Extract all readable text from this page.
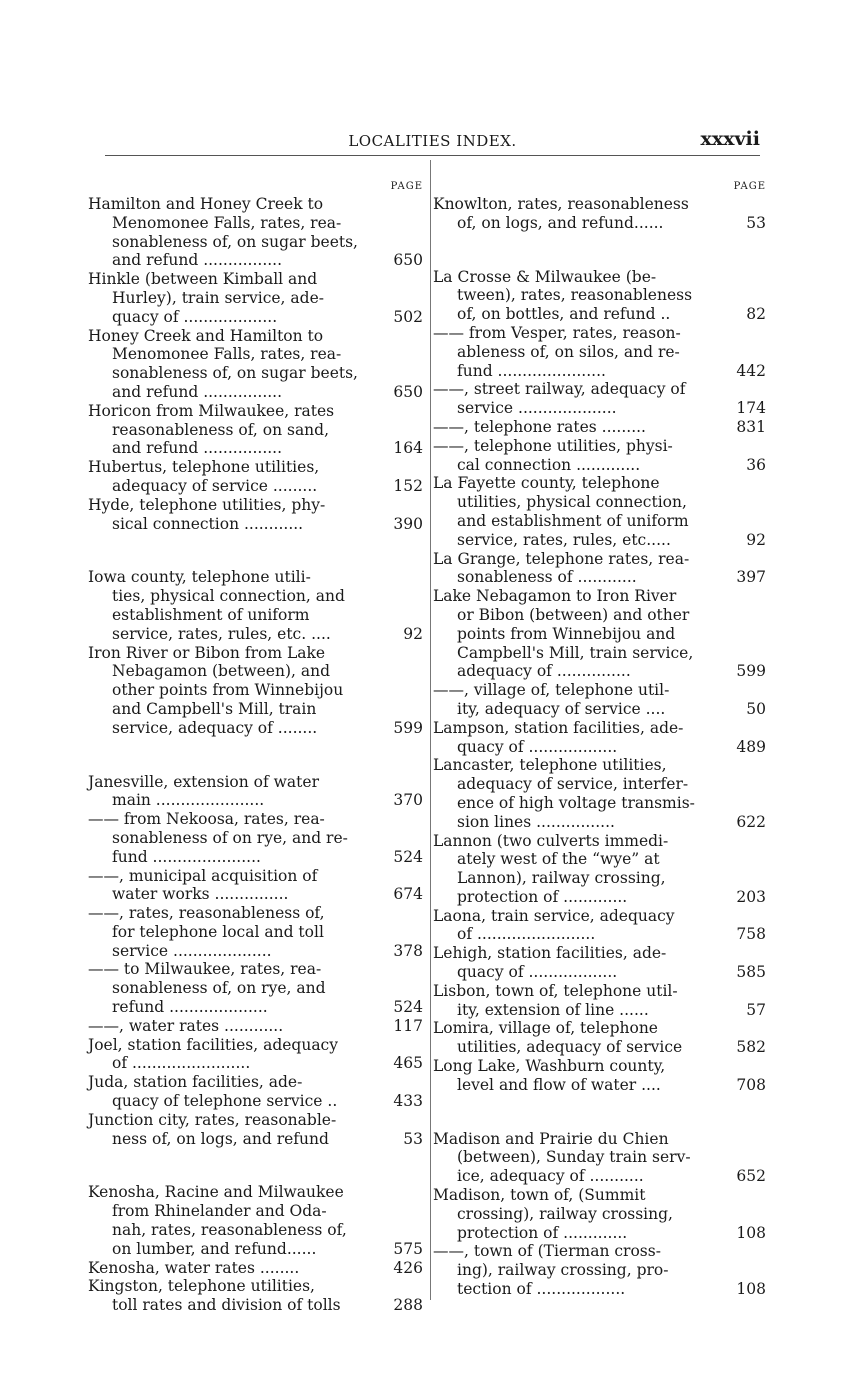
LOCALITIES INDEX.	xxxvii
PAGE
Hamilton and Honey Creek to
Menomonee Falls, rates, rea-
sonableness of, on sugar beets,
and refund ................	650
Hinkle (between Kimball and
Hurley), train service, ade-
quacy of ...................	502
Honey Creek and Hamilton to
Menomonee Falls, rates, rea-
sonableness of, on sugar beets,
and refund ................	650
Horicon from Milwaukee, rates
reasonableness of, on sand,
and refund ................	164
Hubertus, telephone utilities,
adequacy of service .........	152
Hyde, telephone utilities, phy-
sical connection ............	390
Iowa county, telephone utili-
ties, physical connection, and
establishment of uniform
service, rates, rules, etc. ....	92
Iron River or Bibon from Lake
Nebagamon (between), and
other points from Winnebijou
and Campbell's Mill, train
service, adequacy of ........	599
Janesville, extension of water
main ......................	370
—— from Nekoosa, rates, rea-
sonableness of on rye, and re-
fund ......................	524
——, municipal acquisition of
water works ...............	674
——, rates, reasonableness of,
for telephone local and toll
service ....................	378
—— to Milwaukee, rates, rea-
sonableness of, on rye, and
refund ....................	524
——, water rates ............	117
Joel, station facilities, adequacy
of ........................	465
Juda, station facilities, ade-
quacy of telephone service ..	433
Junction city, rates, reasonable-
ness of, on logs, and refund	53
Kenosha, Racine and Milwaukee
from Rhinelander and Oda-
nah, rates, reasonableness of,
on lumber, and refund......	575
Kenosha, water rates ........	426
Kingston, telephone utilities,
toll rates and division of tolls	288
PAGE
Knowlton, rates, reasonableness
of, on logs, and refund......	53
La Crosse & Milwaukee (be-
tween), rates, reasonableness
of, on bottles, and refund ..	82
—— from Vesper, rates, reason-
ableness of, on silos, and re-
fund ......................	442
——, street railway, adequacy of
service ....................	174
——, telephone rates .........	831
——, telephone utilities, physi-
cal connection .............	36
La Fayette county, telephone
utilities, physical connection,
and establishment of uniform
service, rates, rules, etc.....	92
La Grange, telephone rates, rea-
sonableness of ............	397
Lake Nebagamon to Iron River
or Bibon (between) and other
points from Winnebijou and
Campbell's Mill, train service,
adequacy of ...............	599
——, village of, telephone util-
ity, adequacy of service ....	50
Lampson, station facilities, ade-
quacy of ..................	489
Lancaster, telephone utilities,
adequacy of service, interfer-
ence of high voltage transmis-
sion lines ................	622
Lannon (two culverts immedi-
ately west of the “wye” at
Lannon), railway crossing,
protection of .............	203
Laona, train service, adequacy
of ........................	758
Lehigh, station facilities, ade-
quacy of ..................	585
Lisbon, town of, telephone util-
ity, extension of line ......	57
Lomira, village of, telephone
utilities, adequacy of service	582
Long Lake, Washburn county,
level and flow of water ....	708
Madison and Prairie du Chien
(between), Sunday train serv-
ice, adequacy of ...........	652
Madison, town of, (Summit
crossing), railway crossing,
protection of .............	108
——, town of (Tierman cross-
ing), railway crossing, pro-
tection of ..................	108
